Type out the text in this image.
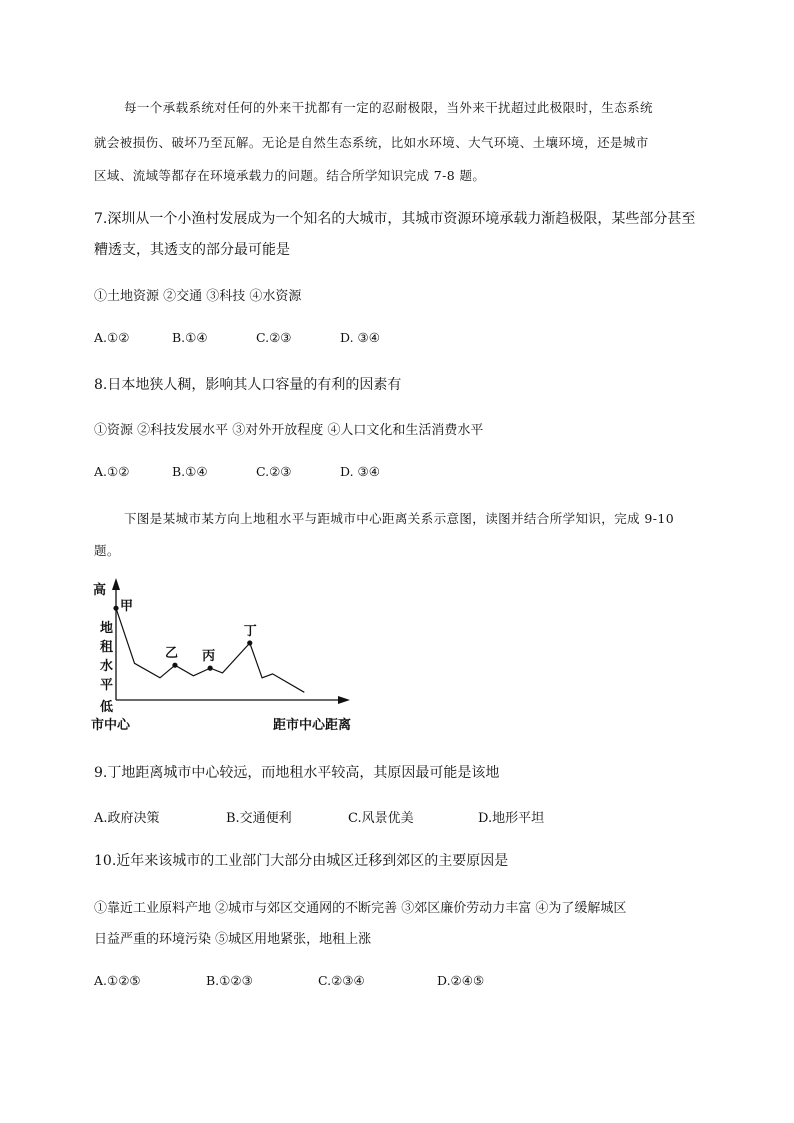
每一个承载系统对任何的外来干扰都有一定的忍耐极限，当外来干扰超过此极限时，生态系统
就会被损伤、破坏乃至瓦解。无论是自然生态系统，比如水环境、大气环境、土壤环境，还是城市
区域、流域等都存在环境承载力的问题。结合所学知识完成 7-8 题。
7.深圳从一个小渔村发展成为一个知名的大城市，其城市资源环境承载力渐趋极限，某些部分甚至
糟透支，其透支的部分最可能是
①土地资源 ②交通 ③科技 ④水资源
A.①②	B.①④	C.②③	D. ③④
8.日本地狭人稠，影响其人口容量的有利的因素有
①资源 ②科技发展水平 ③对外开放程度 ④人口文化和生活消费水平
A.①②	B.①④	C.②③	D. ③④
下图是某城市某方向上地租水平与距城市中心距离关系示意图，读图并结合所学知识，完成 9-10
题。
高
地
租
水
平
低
市中心	距市中心距离
甲
乙 丙
丁
9.丁地距离城市中心较远，而地租水平较高，其原因最可能是该地
A.政府决策	B.交通便利	C.风景优美	D.地形平坦
10.近年来该城市的工业部门大部分由城区迁移到郊区的主要原因是
①靠近工业原料产地 ②城市与郊区交通网的不断完善 ③郊区廉价劳动力丰富 ④为了缓解城区
日益严重的环境污染 ⑤城区用地紧张，地租上涨
A.①②⑤	B.①②③	C.②③④	D.②④⑤
